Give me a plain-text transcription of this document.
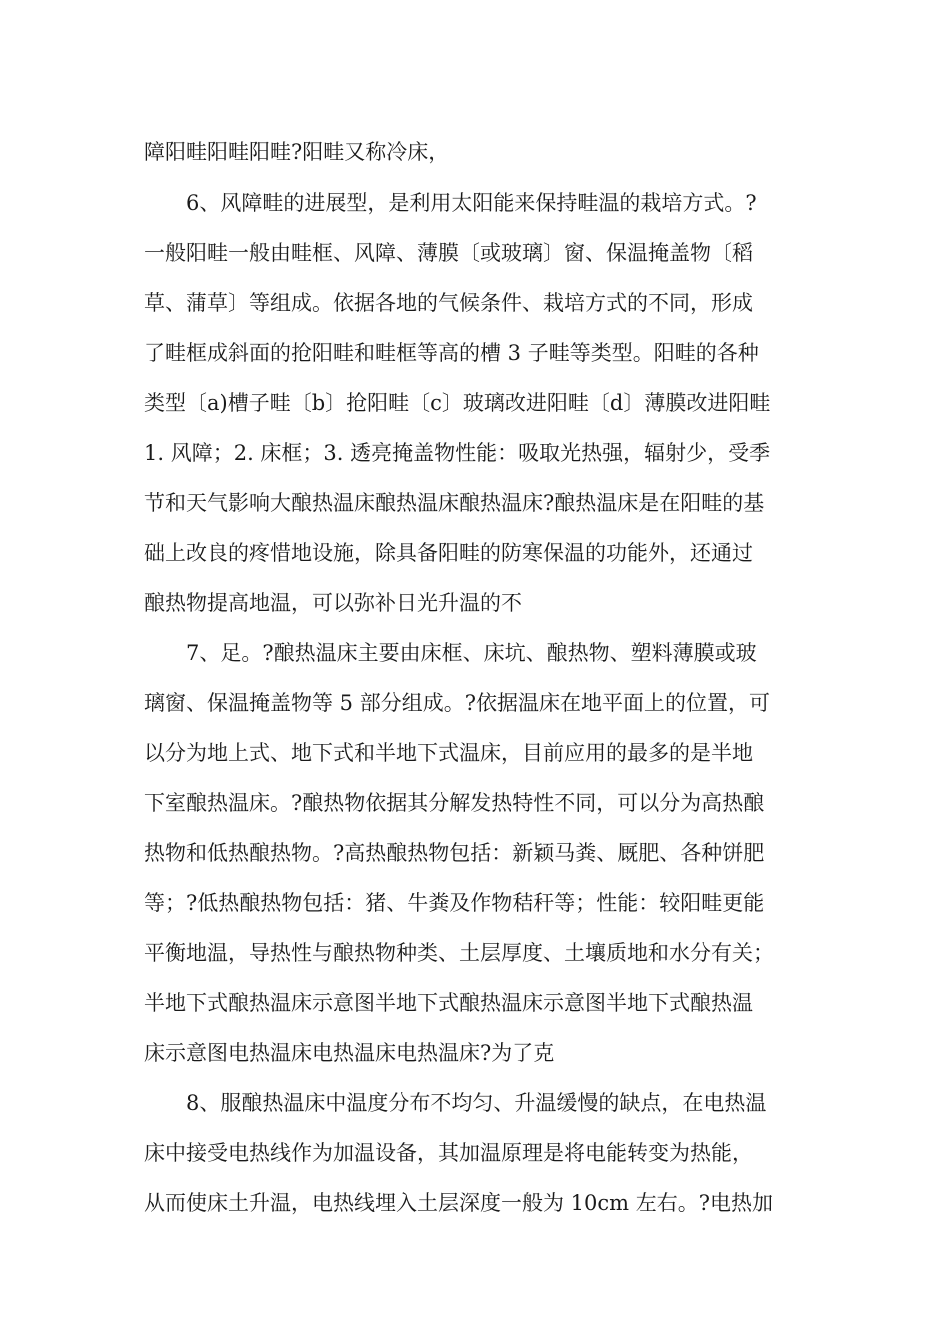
障阳畦阳畦阳畦?阳畦又称冷床，
6、风障畦的进展型，是利用太阳能来保持畦温的栽培方式。?
一般阳畦一般由畦框、风障、薄膜〔或玻璃〕窗、保温掩盖物〔稻
草、蒲草〕等组成。依据各地的气候条件、栽培方式的不同，形成
了畦框成斜面的抢阳畦和畦框等高的槽 3 子畦等类型。阳畦的各种
类型〔a)槽子畦〔b〕抢阳畦〔c〕玻璃改进阳畦〔d〕薄膜改进阳畦
1. 风障；2. 床框；3. 透亮掩盖物性能：吸取光热强，辐射少，受季
节和天气影响大酿热温床酿热温床酿热温床?酿热温床是在阳畦的基
础上改良的疼惜地设施，除具备阳畦的防寒保温的功能外，还通过
酿热物提高地温，可以弥补日光升温的不
7、足。?酿热温床主要由床框、床坑、酿热物、塑料薄膜或玻
璃窗、保温掩盖物等 5 部分组成。?依据温床在地平面上的位置，可
以分为地上式、地下式和半地下式温床，目前应用的最多的是半地
下室酿热温床。?酿热物依据其分解发热特性不同，可以分为高热酿
热物和低热酿热物。?高热酿热物包括：新颖马粪、厩肥、各种饼肥
等；?低热酿热物包括：猪、牛粪及作物秸秆等；性能：较阳畦更能
平衡地温，导热性与酿热物种类、土层厚度、土壤质地和水分有关；
半地下式酿热温床示意图半地下式酿热温床示意图半地下式酿热温
床示意图电热温床电热温床电热温床?为了克
8、服酿热温床中温度分布不均匀、升温缓慢的缺点，在电热温
床中接受电热线作为加温设备，其加温原理是将电能转变为热能，
从而使床土升温，电热线埋入土层深度一般为 10cm 左右。?电热加
